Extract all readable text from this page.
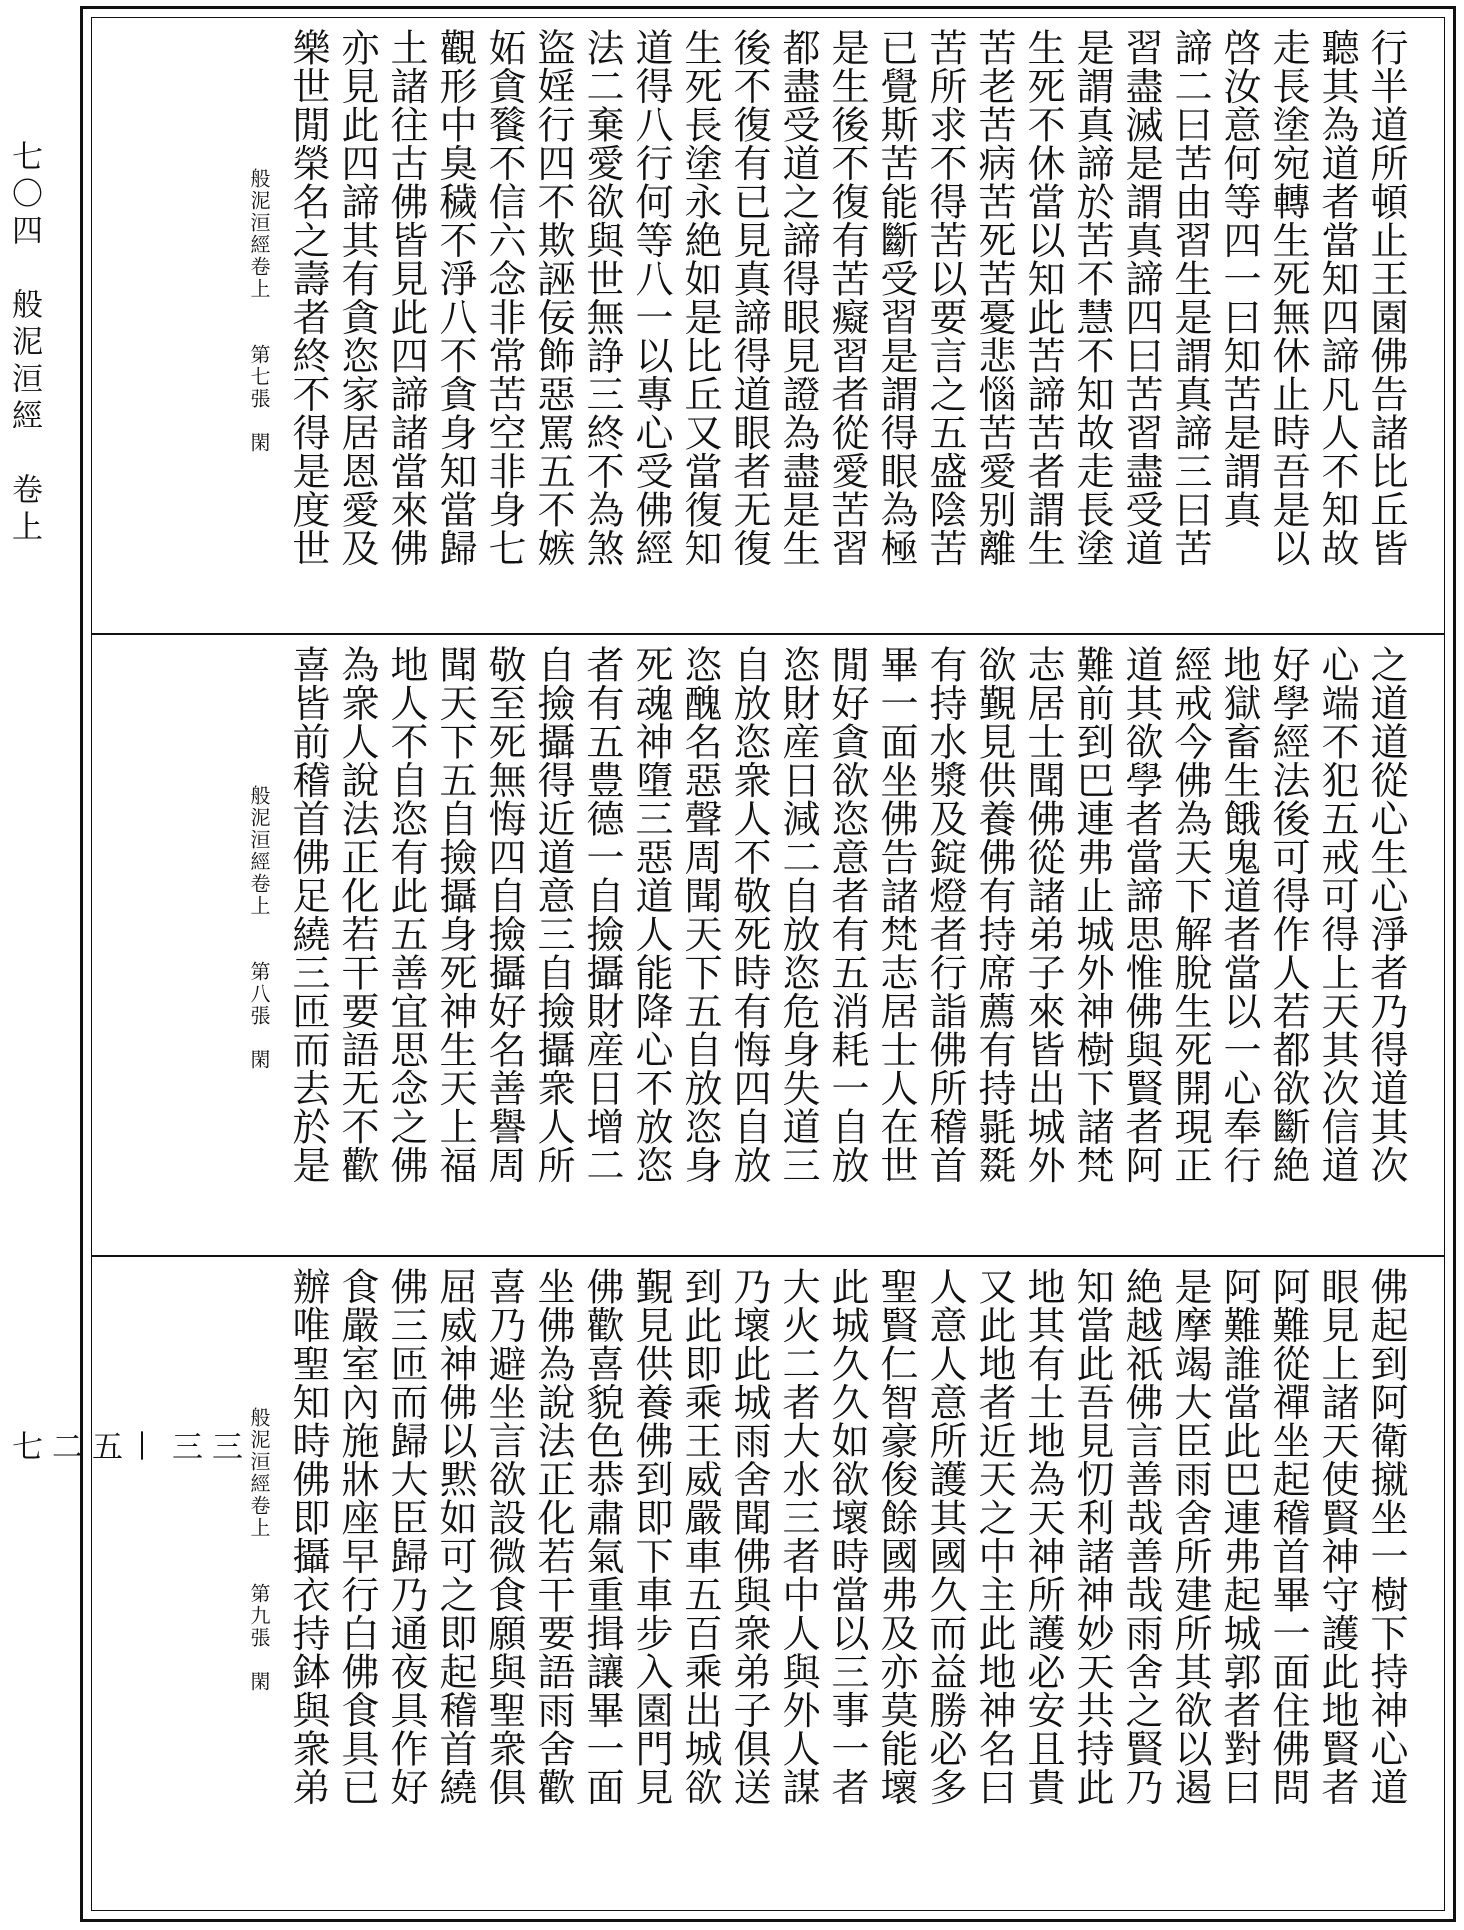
七〇四　般泥洹經　卷上
三三 — 五二七
行半道所頓止王園佛告諸比丘皆
聽其為道者當知四諦凡人不知故
走長塗宛轉生死無休止時吾是以
啓汝意何等四一曰知苦是謂真
諦二曰苦由習生是謂真諦三曰苦
習盡滅是謂真諦四曰苦習盡受道
是謂真諦於苦不慧不知故走長塗
生死不休當以知此苦諦苦者謂生
苦老苦病苦死苦憂悲惱苦愛别離
苦所求不得苦以要言之五盛陰苦
已覺斯苦能斷受習是謂得眼為極
是生後不復有苦癡習者從愛苦習
都盡受道之諦得眼見證為盡是生
後不復有已見真諦得道眼者无復
生死長塗永絶如是比丘又當復知
道得八行何等八一以專心受佛經
法二棄愛欲與世無諍三終不為煞
盜婬行四不欺誣佞飾惡罵五不嫉
妬貪餮不信六念非常苦空非身七
觀形中臭穢不淨八不貪身知當歸
土諸往古佛皆見此四諦諸當來佛
亦見此四諦其有貪恣家居恩愛及
樂世閒榮名之壽者終不得是度世
般泥洹經卷上　　第七張　閑
之道道從心生心淨者乃得道其次
心端不犯五戒可得上天其次信道
好學經法後可得作人若都欲斷絶
地獄畜生餓鬼道者當以一心奉行
經戒今佛為天下解脫生死開現正
道其欲學者當諦思惟佛與賢者阿
難前到巴連弗止城外神樹下諸梵
志居士聞佛從諸弟子來皆出城外
欲覲見供養佛有持席薦有持毾毲
有持水漿及錠燈者行詣佛所稽首
畢一面坐佛告諸梵志居士人在世
閒好貪欲恣意者有五消耗一自放
恣財産日減二自放恣危身失道三
自放恣衆人不敬死時有悔四自放
恣醜名惡聲周聞天下五自放恣身
死魂神墮三惡道人能降心不放恣
者有五豊德一自撿攝財産日增二
自撿攝得近道意三自撿攝衆人所
敬至死無悔四自撿攝好名善譽周
聞天下五自撿攝身死神生天上福
地人不自恣有此五善宜思念之佛
為衆人說法正化若干要語无不歡
喜皆前稽首佛足繞三匝而去於是
般泥洹經卷上　　第八張　閑
佛起到阿衛㩆坐一樹下持神心道
眼見上諸天使賢神守護此地賢者
阿難從禪坐起稽首畢一面住佛問
阿難誰當此巴連弗起城郭者對曰
是摩竭大臣雨舍所建所其欲以遏
絶越祇佛言善哉善哉雨舍之賢乃
知當此吾見忉利諸神妙天共持此
地其有土地為天神所護必安且貴
又此地者近天之中主此地神名曰
人意人意所護其國久而益勝必多
聖賢仁智豪俊餘國弗及亦莫能壞
此城久久如欲壞時當以三事一者
大火二者大水三者中人與外人謀
乃壞此城雨舍聞佛與衆弟子俱送
到此即乘王威嚴車五百乘出城欲
覲見供養佛到即下車步入園門見
佛歡喜貌色恭肅氣重揖讓畢一面
坐佛為說法正化若干要語雨舍歡
喜乃避坐言欲設微食願與聖衆俱
屈威神佛以黙如可之即起稽首繞
佛三匝而歸大臣歸乃通夜具作好
食嚴室內施牀座早行白佛食具已
辦唯聖知時佛即攝衣持鉢與衆弟
般泥洹經卷上　　第九張　閑
